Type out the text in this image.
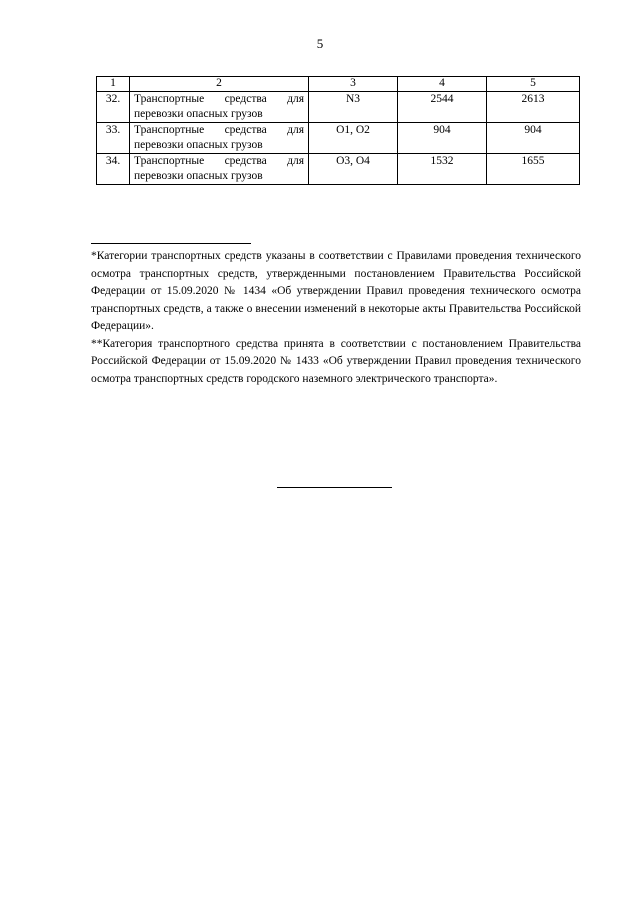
5
1	2	3	4	5
32.	Транспортные средства для перевозки опасных грузов	N3	2544	2613
33.	Транспортные средства для перевозки опасных грузов	O1, O2	904	904
34.	Транспортные средства для перевозки опасных грузов	O3, O4	1532	1655

*Категории транспортных средств указаны в соответствии с Правилами проведения технического осмотра транспортных средств, утвержденными постановлением Правительства Российской Федерации от 15.09.2020 № 1434 «Об утверждении Правил проведения технического осмотра транспортных средств, а также о внесении изменений в некоторые акты Правительства Российской Федерации».

**Категория транспортного средства принята в соответствии с постановлением Правительства Российской Федерации от 15.09.2020 № 1433 «Об утверждении Правил проведения технического осмотра транспортных средств городского наземного электрического транспорта».
